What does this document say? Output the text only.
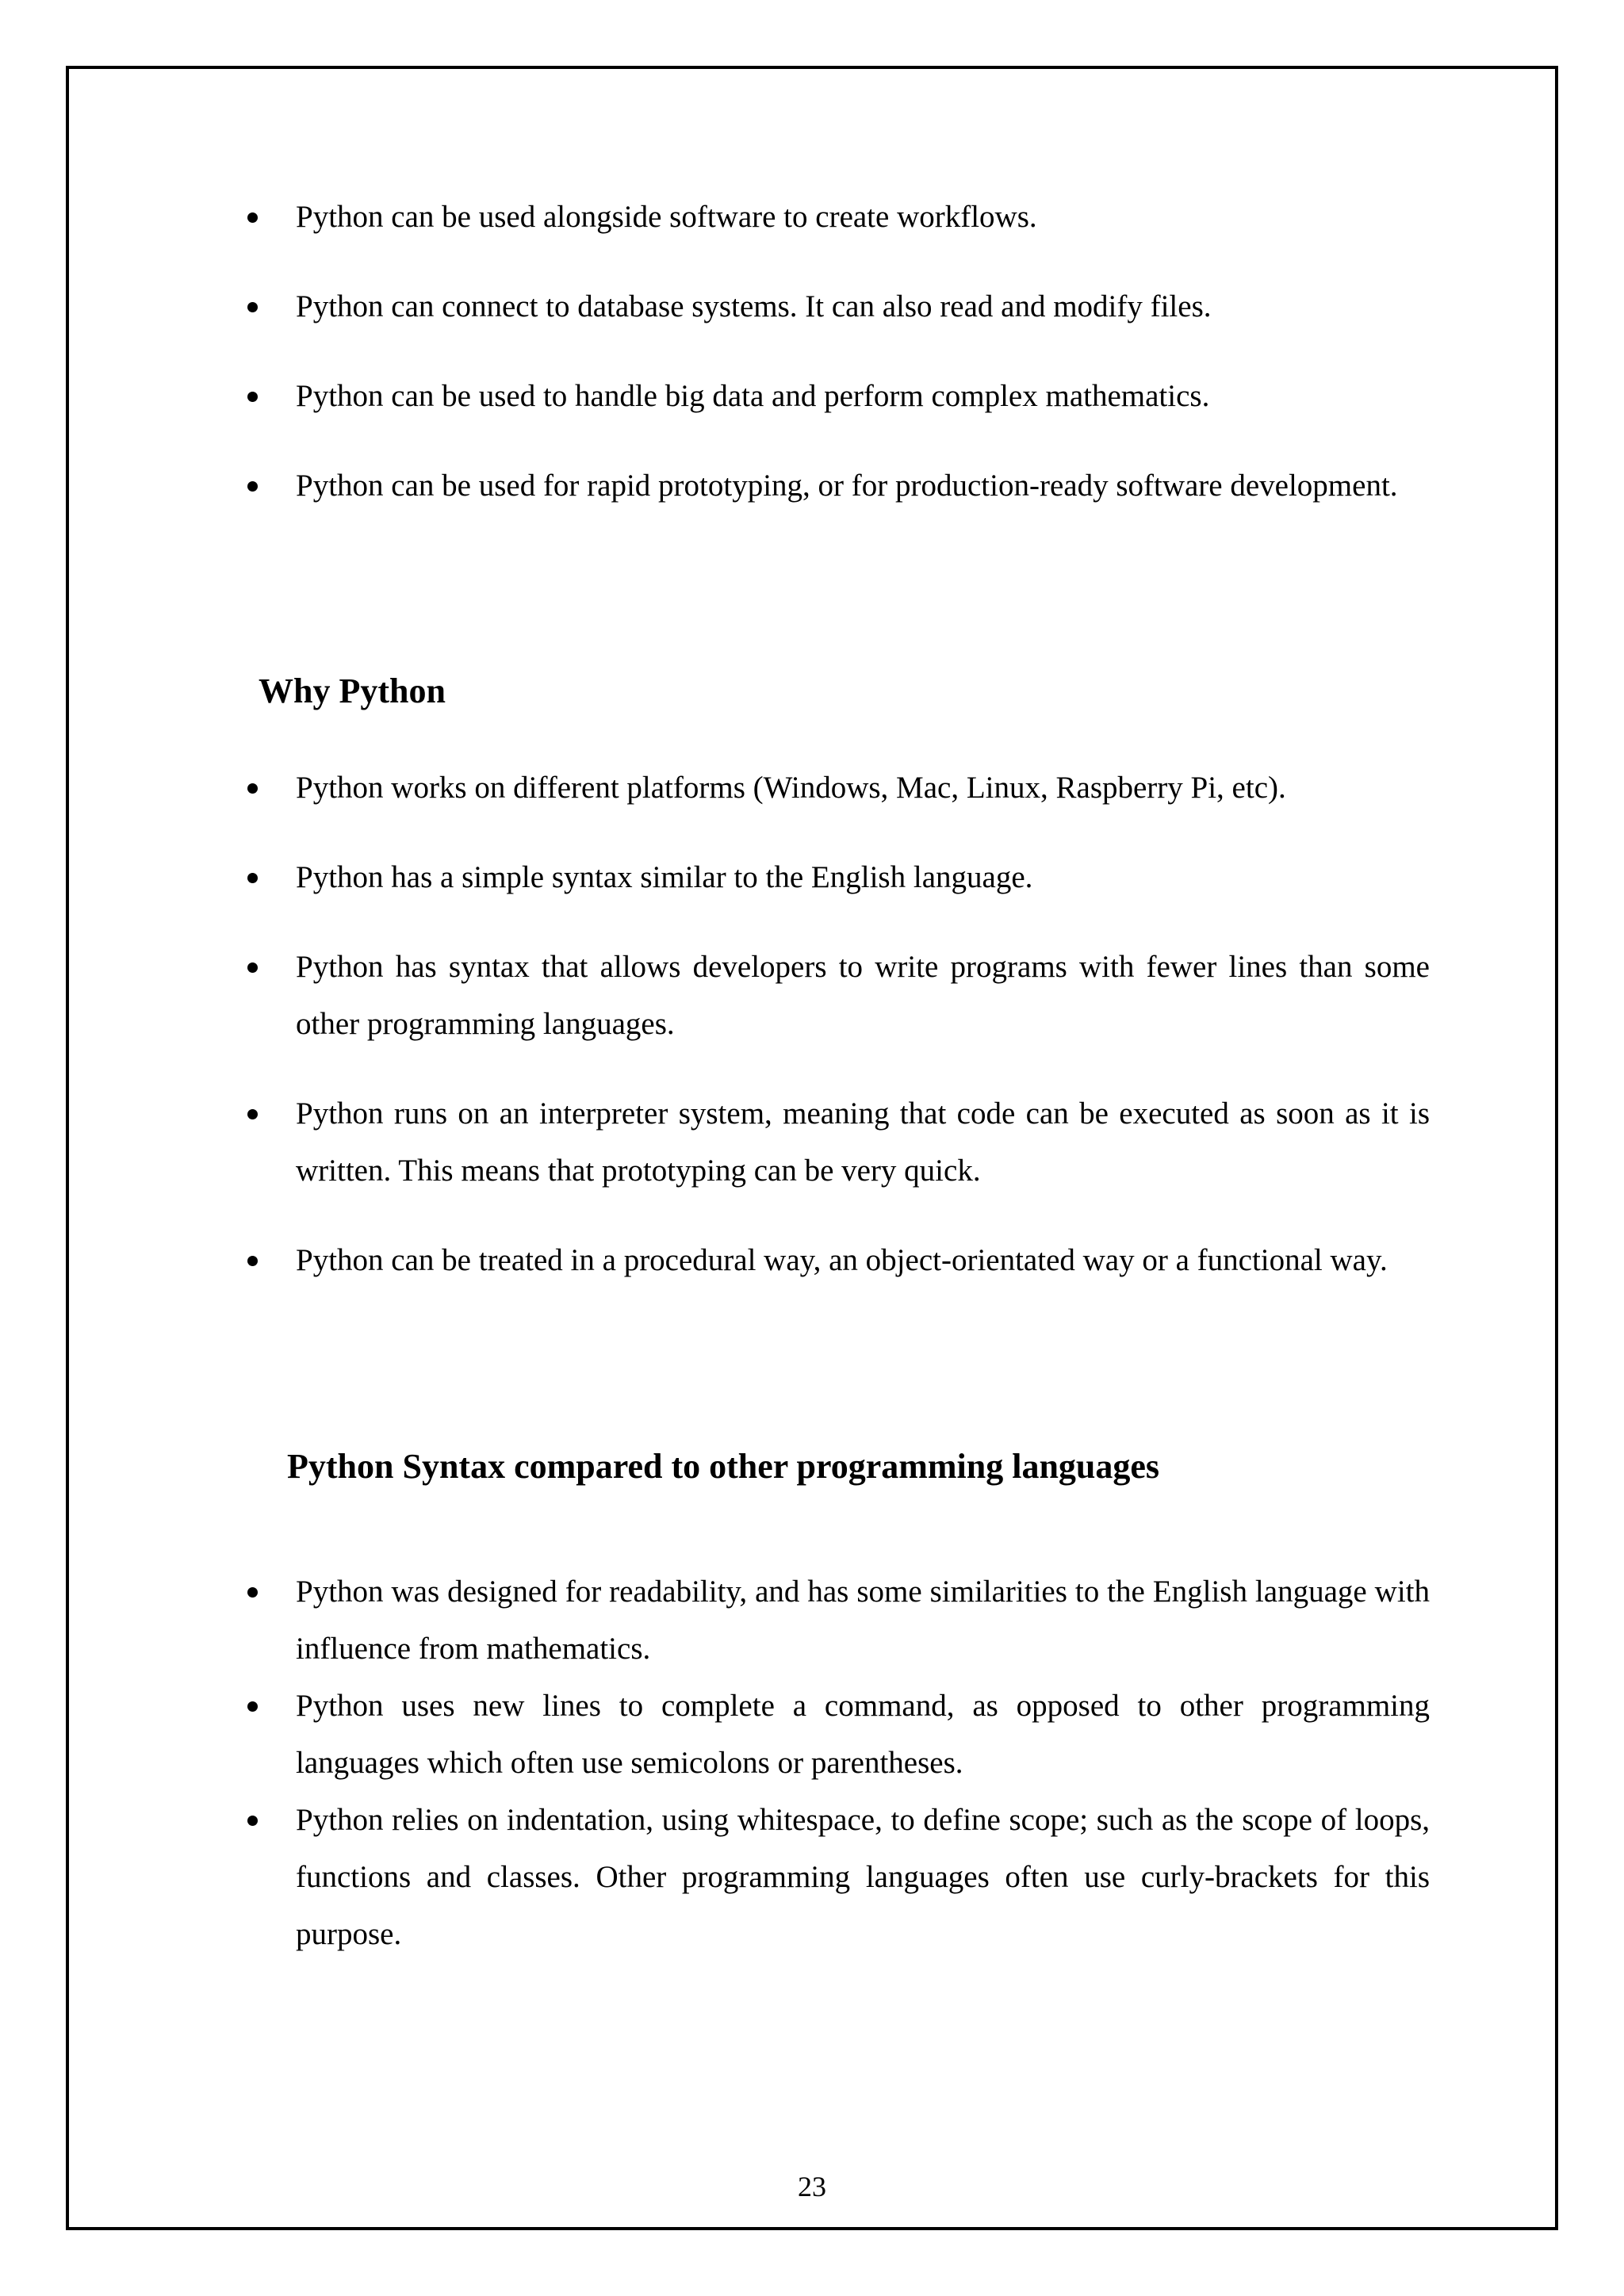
Python can be used alongside software to create workflows.
Python can connect to database systems. It can also read and modify files.
Python can be used to handle big data and perform complex mathematics.
Python can be used for rapid prototyping, or for production-ready software development.
Why Python
Python works on different platforms (Windows, Mac, Linux, Raspberry Pi, etc).
Python has a simple syntax similar to the English language.
Python has syntax that allows developers to write programs with fewer lines than some other programming languages.
Python runs on an interpreter system, meaning that code can be executed as soon as it is written. This means that prototyping can be very quick.
Python can be treated in a procedural way, an object-orientated way or a functional way.
Python Syntax compared to other programming languages
Python was designed for readability, and has some similarities to the English language with influence from mathematics.
Python uses new lines to complete a command, as opposed to other programming languages which often use semicolons or parentheses.
Python relies on indentation, using whitespace, to define scope; such as the scope of loops, functions and classes. Other programming languages often use curly-brackets for this purpose.
23
